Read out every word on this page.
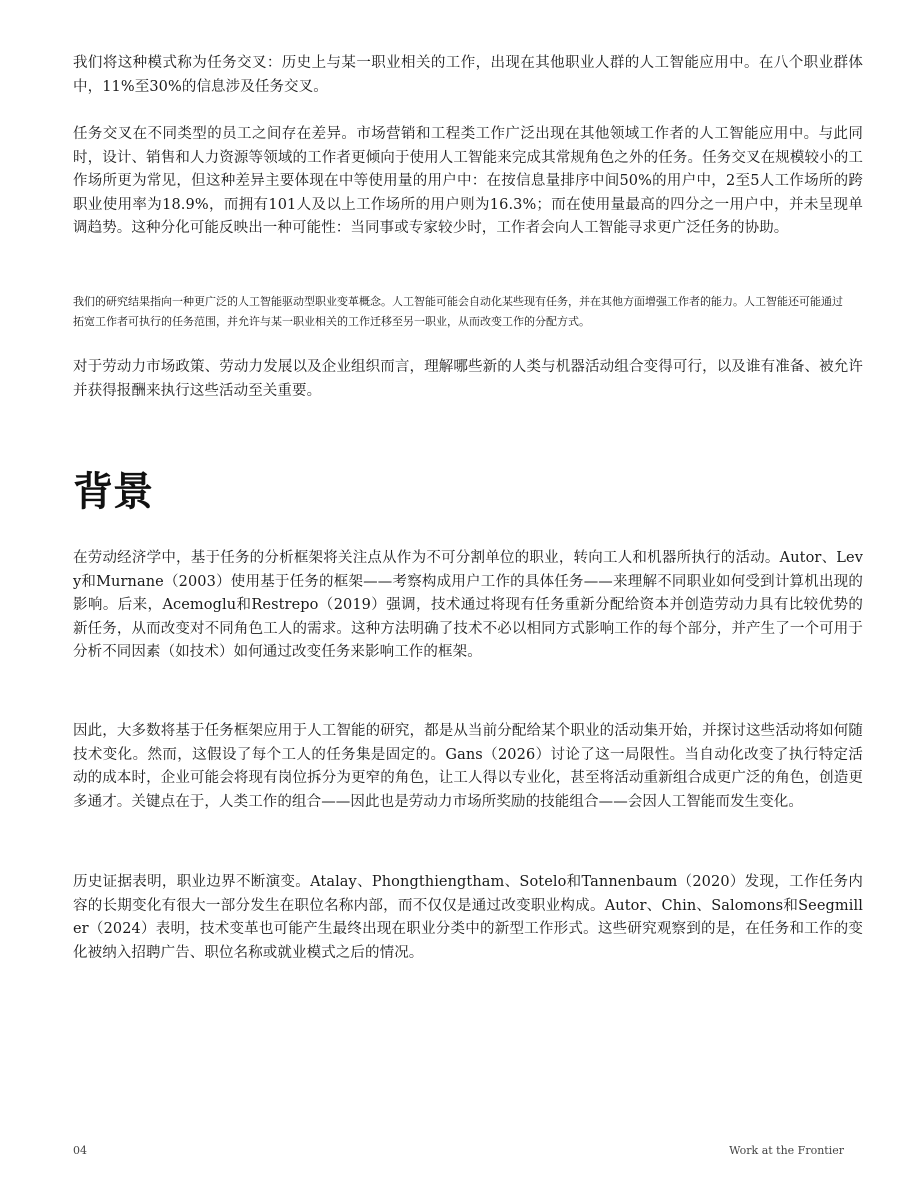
我们将这种模式称为任务交叉：历史上与某一职业相关的工作，出现在其他职业人群的人工智能应用中。在八个职业群体中，11%至30%的信息涉及任务交叉。

任务交叉在不同类型的员工之间存在差异。市场营销和工程类工作广泛出现在其他领域工作者的人工智能应用中。与此同时，设计、销售和人力资源等领域的工作者更倾向于使用人工智能来完成其常规角色之外的任务。任务交叉在规模较小的工作场所更为常见，但这种差异主要体现在中等使用量的用户中：在按信息量排序中间50%的用户中，2至5人工作场所的跨职业使用率为18.9%，而拥有101人及以上工作场所的用户则为16.3%；而在使用量最高的四分之一用户中，并未呈现单调趋势。这种分化可能反映出一种可能性：当同事或专家较少时，工作者会向人工智能寻求更广泛任务的协助。

我们的研究结果指向一种更广泛的人工智能驱动型职业变革概念。人工智能可能会自动化某些现有任务，并在其他方面增强工作者的能力。人工智能还可能通过拓宽工作者可执行的任务范围，并允许与某一职业相关的工作迁移至另一职业，从而改变工作的分配方式。

对于劳动力市场政策、劳动力发展以及企业组织而言，理解哪些新的人类与机器活动组合变得可行，以及谁有准备、被允许并获得报酬来执行这些活动至关重要。

背景

在劳动经济学中，基于任务的分析框架将关注点从作为不可分割单位的职业，转向工人和机器所执行的活动。Autor、Levy和Murnane（2003）使用基于任务的框架——考察构成用户工作的具体任务——来理解不同职业如何受到计算机出现的影响。后来，Acemoglu和Restrepo（2019）强调，技术通过将现有任务重新分配给资本并创造劳动力具有比较优势的新任务，从而改变对不同角色工人的需求。这种方法明确了技术不必以相同方式影响工作的每个部分，并产生了一个可用于分析不同因素（如技术）如何通过改变任务来影响工作的框架。

因此，大多数将基于任务框架应用于人工智能的研究，都是从当前分配给某个职业的活动集开始，并探讨这些活动将如何随技术变化。然而，这假设了每个工人的任务集是固定的。Gans（2026）讨论了这一局限性。当自动化改变了执行特定活动的成本时，企业可能会将现有岗位拆分为更窄的角色，让工人得以专业化，甚至将活动重新组合成更广泛的角色，创造更多通才。关键点在于，人类工作的组合——因此也是劳动力市场所奖励的技能组合——会因人工智能而发生变化。

历史证据表明，职业边界不断演变。Atalay、Phongthiengtham、Sotelo和Tannenbaum（2020）发现，工作任务内容的长期变化有很大一部分发生在职位名称内部，而不仅仅是通过改变职业构成。Autor、Chin、Salomons和Seegmiller（2024）表明，技术变革也可能产生最终出现在职业分类中的新型工作形式。这些研究观察到的是，在任务和工作的变化被纳入招聘广告、职位名称或就业模式之后的情况。

04	Work at the Frontier
